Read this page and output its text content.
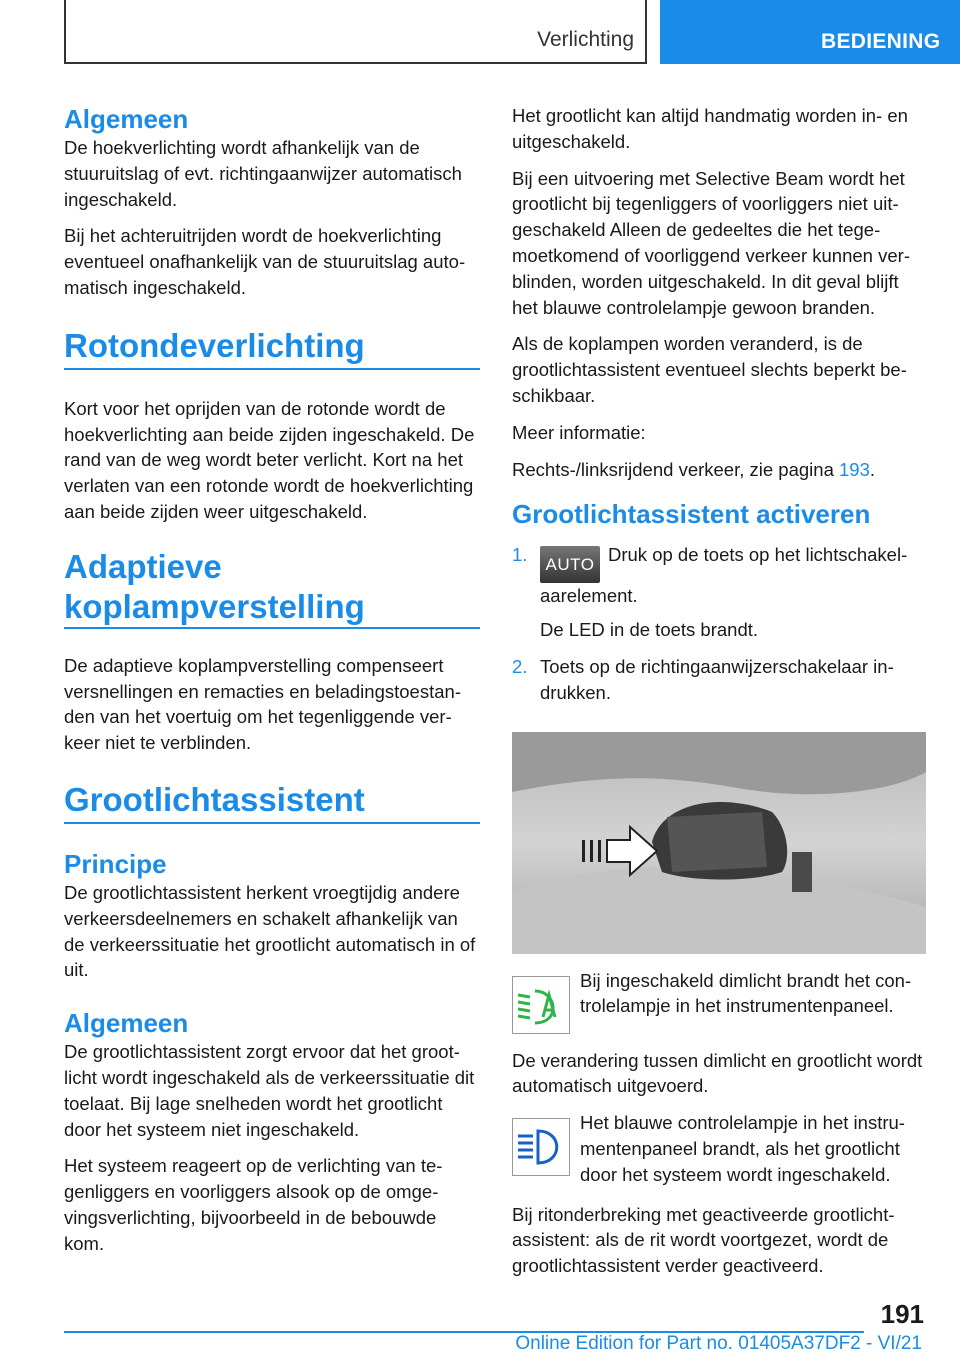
Verlichting	BEDIENING
Algemeen

De hoekverlichting wordt afhankelijk van de stuuruitslag of evt. richtingaanwijzer automatisch ingeschakeld.

Bij het achteruitrijden wordt de hoekverlichting eventueel onafhankelijk van de stuuruitslag automatisch ingeschakeld.

Rotondeverlichting

Kort voor het oprijden van de rotonde wordt de hoekverlichting aan beide zijden ingeschakeld. De rand van de weg wordt beter verlicht. Kort na het verlaten van een rotonde wordt de hoekverlichting aan beide zijden weer uitgeschakeld.

Adaptieve koplampverstelling

De adaptieve koplampverstelling compenseert versnellingen en remacties en beladingstoestanden van het voertuig om het tegenliggende verkeer niet te verblinden.

Grootlichtassistent
Principe

De grootlichtassistent herkent vroegtijdig andere verkeersdeelnemers en schakelt afhankelijk van de verkeerssituatie het grootlicht automatisch in of uit.

Algemeen

De grootlichtassistent zorgt ervoor dat het grootlicht wordt ingeschakeld als de verkeerssituatie dit toelaat. Bij lage snelheden wordt het grootlicht door het systeem niet ingeschakeld.

Het systeem reageert op de verlichting van tegenliggers en voorliggers alsook op de omgevingsverlichting, bijvoorbeeld in de bebouwde kom.

Het grootlicht kan altijd handmatig worden in- en uitgeschakeld.

Bij een uitvoering met Selective Beam wordt het grootlicht bij tegenliggers of voorliggers niet uitgeschakeld Alleen de gedeeltes die het tegemoetkomend of voorliggend verkeer kunnen verblinden, worden uitgeschakeld. In dit geval blijft het blauwe controlelampje gewoon branden.

Als de koplampen worden veranderd, is de grootlichtassistent eventueel slechts beperkt beschikbaar.

Meer informatie:

Rechts-/linksrijdend verkeer, zie pagina 193.

Grootlichtassistent activeren
1. AUTO Druk op de toets op het lichtschakelaarelement.
De LED in de toets brandt.
2. Toets op de richtingaanwijzerschakelaar indrukken.
Bij ingeschakeld dimlicht brandt het controlelampje in het instrumentenpaneel.

De verandering tussen dimlicht en grootlicht wordt automatisch uitgevoerd.

Het blauwe controlelampje in het instrumentenpaneel brandt, als het grootlicht door het systeem wordt ingeschakeld.

Bij ritonderbreking met geactiveerde grootlichtassistent: als de rit wordt voortgezet, wordt de grootlichtassistent verder geactiveerd.

191
Online Edition for Part no. 01405A37DF2 - VI/21
